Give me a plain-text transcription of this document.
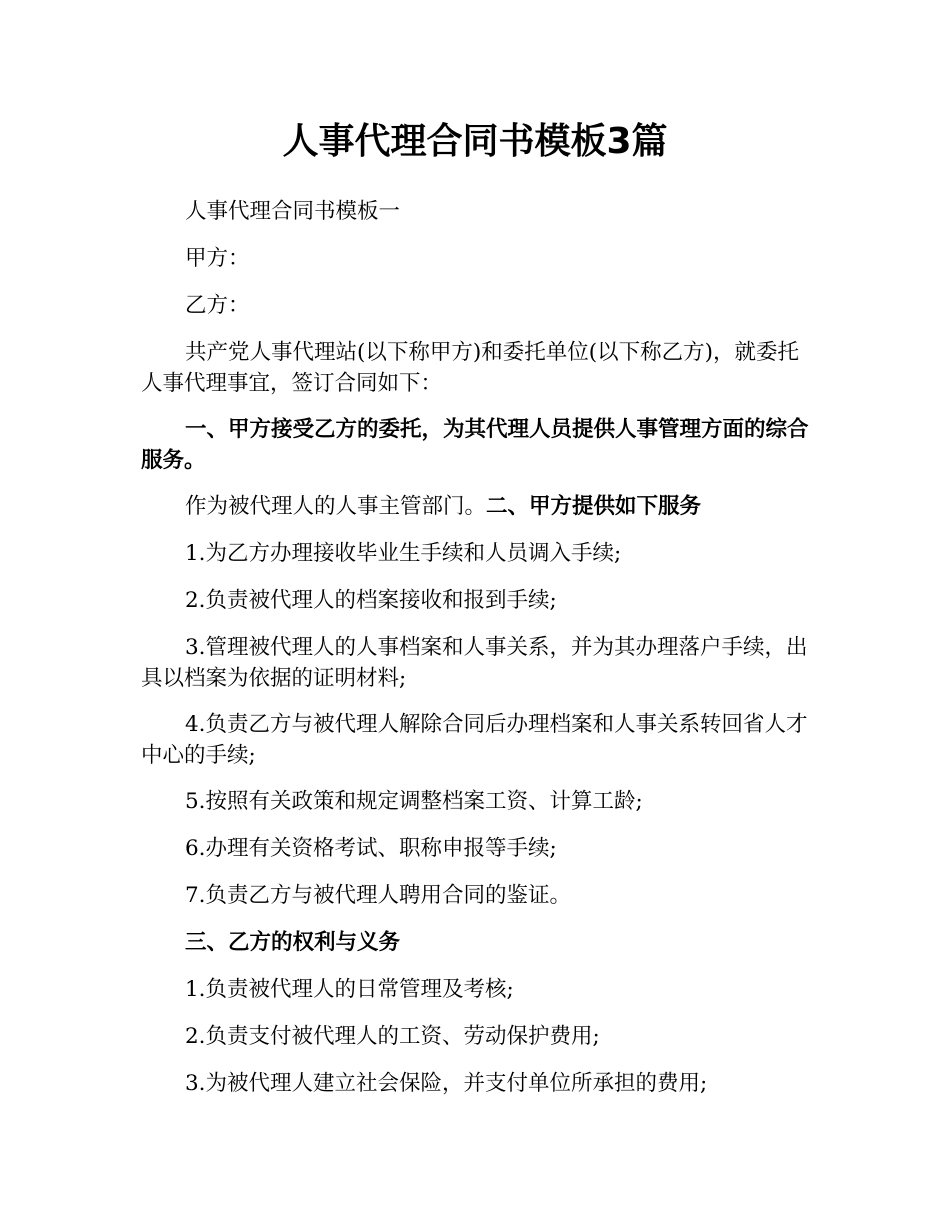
人事代理合同书模板3篇

人事代理合同书模板一

甲方：

乙方：

共产党人事代理站(以下称甲方)和委托单位(以下称乙方)，就委托人事代理事宜，签订合同如下：

一、甲方接受乙方的委托，为其代理人员提供人事管理方面的综合服务。

作为被代理人的人事主管部门。二、甲方提供如下服务

1.为乙方办理接收毕业生手续和人员调入手续;

2.负责被代理人的档案接收和报到手续;

3.管理被代理人的人事档案和人事关系，并为其办理落户手续，出具以档案为依据的证明材料;

4.负责乙方与被代理人解除合同后办理档案和人事关系转回省人才中心的手续;

5.按照有关政策和规定调整档案工资、计算工龄;

6.办理有关资格考试、职称申报等手续;

7.负责乙方与被代理人聘用合同的鉴证。

三、乙方的权利与义务

1.负责被代理人的日常管理及考核;

2.负责支付被代理人的工资、劳动保护费用;

3.为被代理人建立社会保险，并支付单位所承担的费用;
